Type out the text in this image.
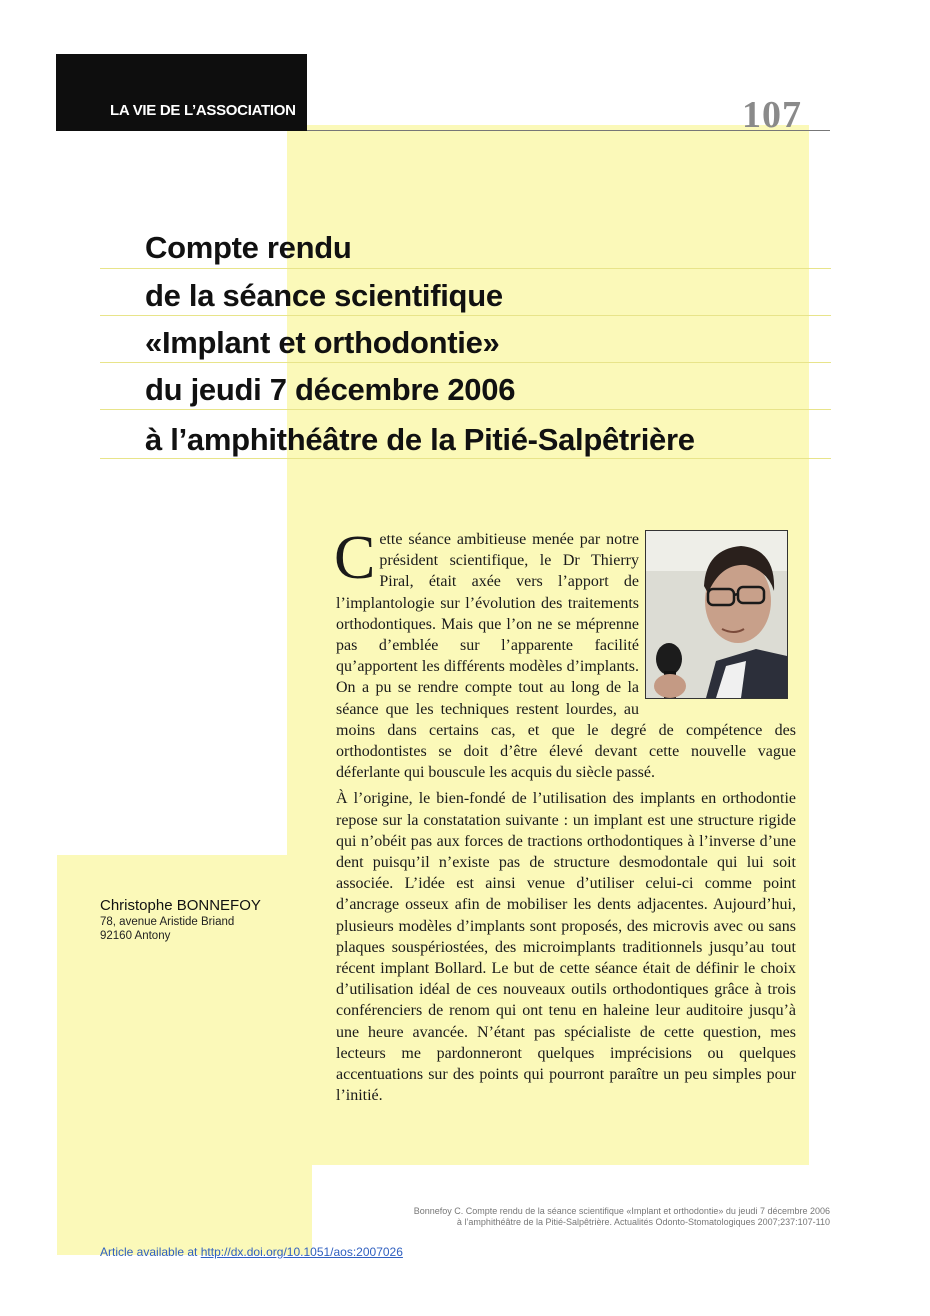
LA VIE DE L’ASSOCIATION	107
Compte rendu
de la séance scientifique
«Implant et orthodontie»
du jeudi 7 décembre 2006
à l’amphithéâtre de la Pitié-Salpêtrière

Cette séance ambitieuse menée par notre président scientifique, le Dr Thierry Piral, était axée vers l’apport de l’implantologie sur l’évolution des traitements orthodontiques. Mais que l’on ne se méprenne pas d’emblée sur l’apparente facilité qu’apportent les différents modèles d’implants. On a pu se rendre compte tout au long de la séance que les techniques restent lourdes, au moins dans certains cas, et que le degré de compétence des orthodontistes se doit d’être élevé devant cette nouvelle vague déferlante qui bouscule les acquis du siècle passé.

À l’origine, le bien-fondé de l’utilisation des implants en orthodontie repose sur la constatation suivante : un implant est une structure rigide qui n’obéit pas aux forces de tractions orthodontiques à l’inverse d’une dent puisqu’il n’existe pas de structure desmodontale qui lui soit associée. L’idée est ainsi venue d’utiliser celui-ci comme point d’ancrage osseux afin de mobiliser les dents adjacentes. Aujourd’hui, plusieurs modèles d’implants sont proposés, des microvis avec ou sans plaques souspériostées, des microimplants traditionnels jusqu’au tout récent implant Bollard. Le but de cette séance était de définir le choix d’utilisation idéal de ces nouveaux outils orthodontiques grâce à trois conférenciers de renom qui ont tenu en haleine leur auditoire jusqu’à une heure avancée. N’étant pas spécialiste de cette question, mes lecteurs me pardonneront quelques imprécisions ou quelques accentuations sur des points qui pourront paraître un peu simples pour l’initié.

Christophe BONNEFOY
78, avenue Aristide Briand
92160 Antony
Bonnefoy C. Compte rendu de la séance scientifique «Implant et orthodontie» du jeudi 7 décembre 2006
à l’amphithéâtre de la Pitié-Salpêtrière. Actualités Odonto-Stomatologiques 2007;237:107-110
Article available at http://dx.doi.org/10.1051/aos:2007026
